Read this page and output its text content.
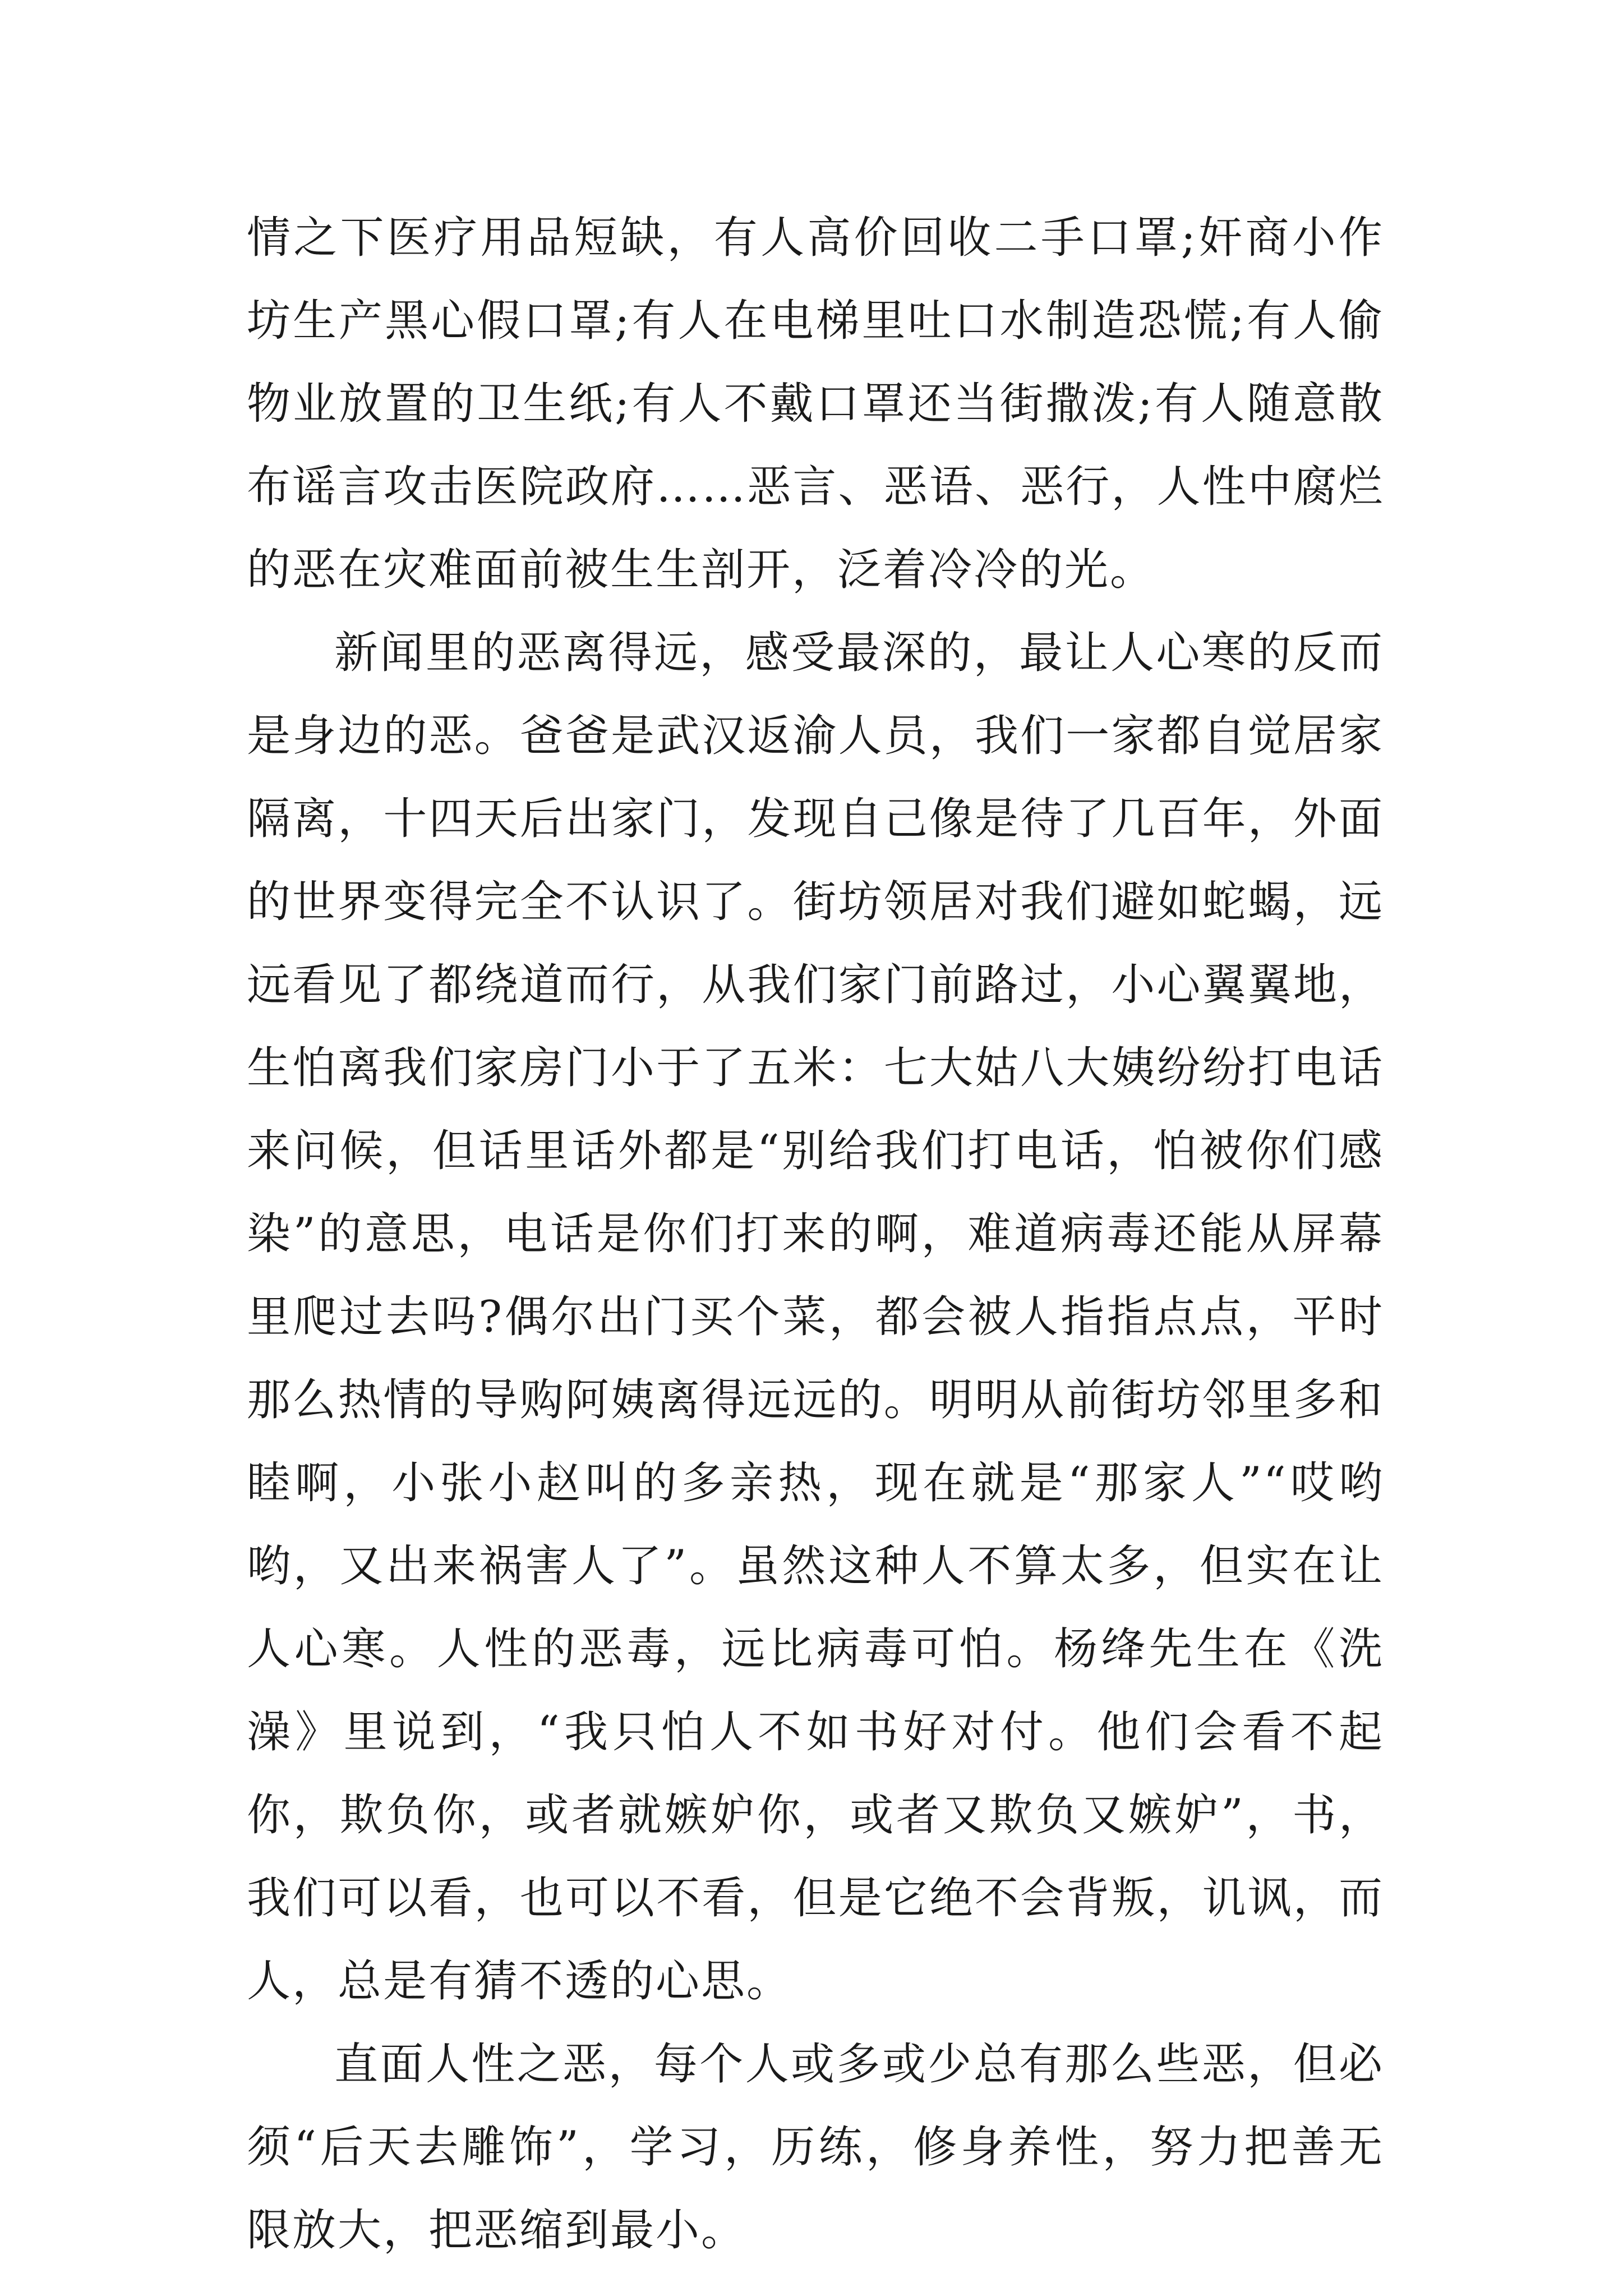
情之下医疗用品短缺，有人高价回收二手口罩;奸商小作坊生产黑心假口罩;有人在电梯里吐口水制造恐慌;有人偷物业放置的卫生纸;有人不戴口罩还当街撒泼;有人随意散布谣言攻击医院政府……恶言、恶语、恶行，人性中腐烂的恶在灾难面前被生生剖开，泛着冷冷的光。

新闻里的恶离得远，感受最深的，最让人心寒的反而是身边的恶。爸爸是武汉返渝人员，我们一家都自觉居家隔离，十四天后出家门，发现自己像是待了几百年，外面的世界变得完全不认识了。街坊领居对我们避如蛇蝎，远远看见了都绕道而行，从我们家门前路过，小心翼翼地，生怕离我们家房门小于了五米：七大姑八大姨纷纷打电话来问候，但话里话外都是“别给我们打电话，怕被你们感染”的意思，电话是你们打来的啊，难道病毒还能从屏幕里爬过去吗?偶尔出门买个菜，都会被人指指点点，平时那么热情的导购阿姨离得远远的。明明从前街坊邻里多和睦啊，小张小赵叫的多亲热，现在就是“那家人”“哎哟哟，又出来祸害人了”。虽然这种人不算太多，但实在让人心寒。人性的恶毒，远比病毒可怕。杨绛先生在《洗澡》里说到，“我只怕人不如书好对付。他们会看不起你，欺负你，或者就嫉妒你，或者又欺负又嫉妒”，书，我们可以看，也可以不看，但是它绝不会背叛，讥讽，而人，总是有猜不透的心思。

直面人性之恶，每个人或多或少总有那么些恶，但必须“后天去雕饰”，学习，历练，修身养性，努力把善无限放大，把恶缩到最小。
